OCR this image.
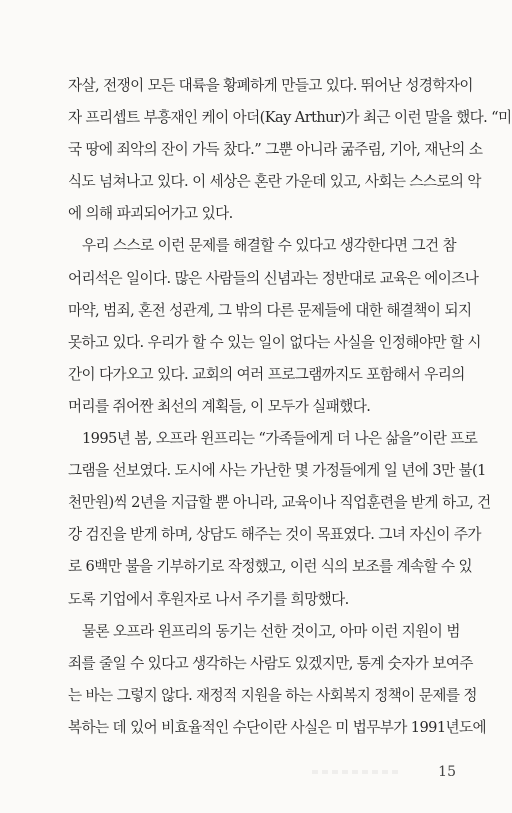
자살, 전쟁이 모든 대륙을 황폐하게 만들고 있다. 뛰어난 성경학자이
자 프리셉트 부흥재인 케이 아더(Kay Arthur)가 최근 이런 말을 했다. “미
국 땅에 죄악의 잔이 가득 찼다.” 그뿐 아니라 굶주림, 기아, 재난의 소
식도 넘쳐나고 있다. 이 세상은 혼란 가운데 있고, 사회는 스스로의 악
에 의해 파괴되어가고 있다.
우리 스스로 이런 문제를 해결할 수 있다고 생각한다면 그건 참
어리석은 일이다. 많은 사람들의 신념과는 정반대로 교육은 에이즈나
마약, 범죄, 혼전 성관계, 그 밖의 다른 문제들에 대한 해결책이 되지
못하고 있다. 우리가 할 수 있는 일이 없다는 사실을 인정해야만 할 시
간이 다가오고 있다. 교회의 여러 프로그램까지도 포함해서 우리의
머리를 쥐어짠 최선의 계획들, 이 모두가 실패했다.
1995년 봄, 오프라 윈프리는 “가족들에게 더 나은 삶을”이란 프로
그램을 선보였다. 도시에 사는 가난한 몇 가정들에게 일 년에 3만 불(1
천만원)씩 2년을 지급할 뿐 아니라, 교육이나 직업훈련을 받게 하고, 건
강 검진을 받게 하며, 상담도 해주는 것이 목표였다. 그녀 자신이 주가
로 6백만 불을 기부하기로 작정했고, 이런 식의 보조를 계속할 수 있
도록 기업에서 후원자로 나서 주기를 희망했다.
물론 오프라 윈프리의 동기는 선한 것이고, 아마 이런 지원이 범
죄를 줄일 수 있다고 생각하는 사람도 있겠지만, 통계 숫자가 보여주
는 바는 그렇지 않다. 재정적 지원을 하는 사회복지 정책이 문제를 정
복하는 데 있어 비효율적인 수단이란 사실은 미 법무부가 1991년도에
15
